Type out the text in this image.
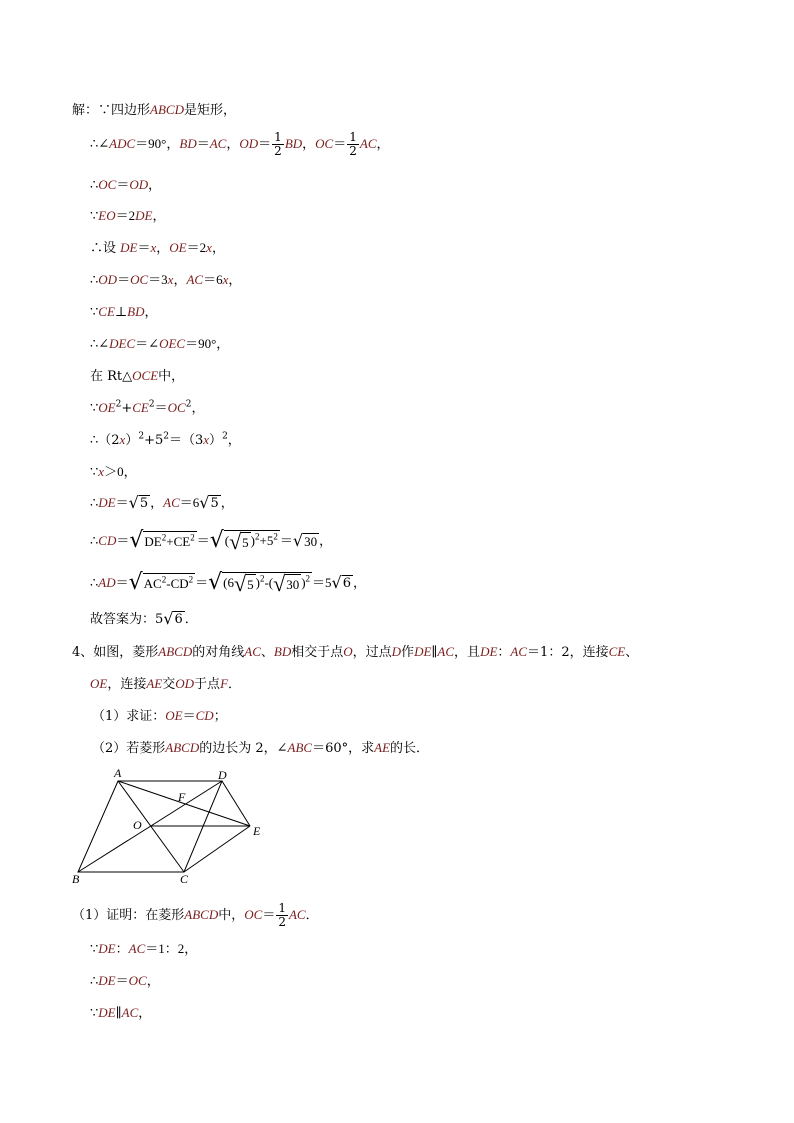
解：∵四边形ABCD是矩形，
∴∠ADC＝90°，BD＝AC，$OD= \frac{1}{2}$ BD，$OC= \frac{1}{2}$ AC，
∴OC＝OD，
∵EO＝2DE，
∴设 DE＝x，OE＝2x，
∴OD＝OC＝3x，AC＝6x，
∵CE⊥BD，
∴∠DEC＝∠OEC＝90°，
在 Rt△OCE中，
$\because OE^2+CE^2=OC^2$，
$\therefore(2x)^2+5^2=(3x)^2$，
∵x＞0，
∴DE＝√5 ，AC＝6√5 ，
$\therefore CD=√DE^2+CE^2 =√(√5$ )$^2+5^2 =√30$ ，
$\therefore AD=√AC^2-CD^2 =√(6√5$ )$^2$-(√30 )$^2$ ＝5√6 ，
故答案为：5√6 ．
4、如图，菱形ABCD的对角线AC、BD相交于点O，过点D作DE∥AC，且DE：AC＝1：2，连接CE、
OE，连接AE交OD于点F．
（1）求证：OE＝CD；
（2）若菱形ABCD的边长为 2，∠ABC＝60°，求AE的长．
A	D
F
O	E
B	C
（1）证明：在菱形ABCD中，$OC= \frac{1}{2}$ AC．
∵DE：AC＝1：2，
∴DE＝OC，
∵DE∥AC，
